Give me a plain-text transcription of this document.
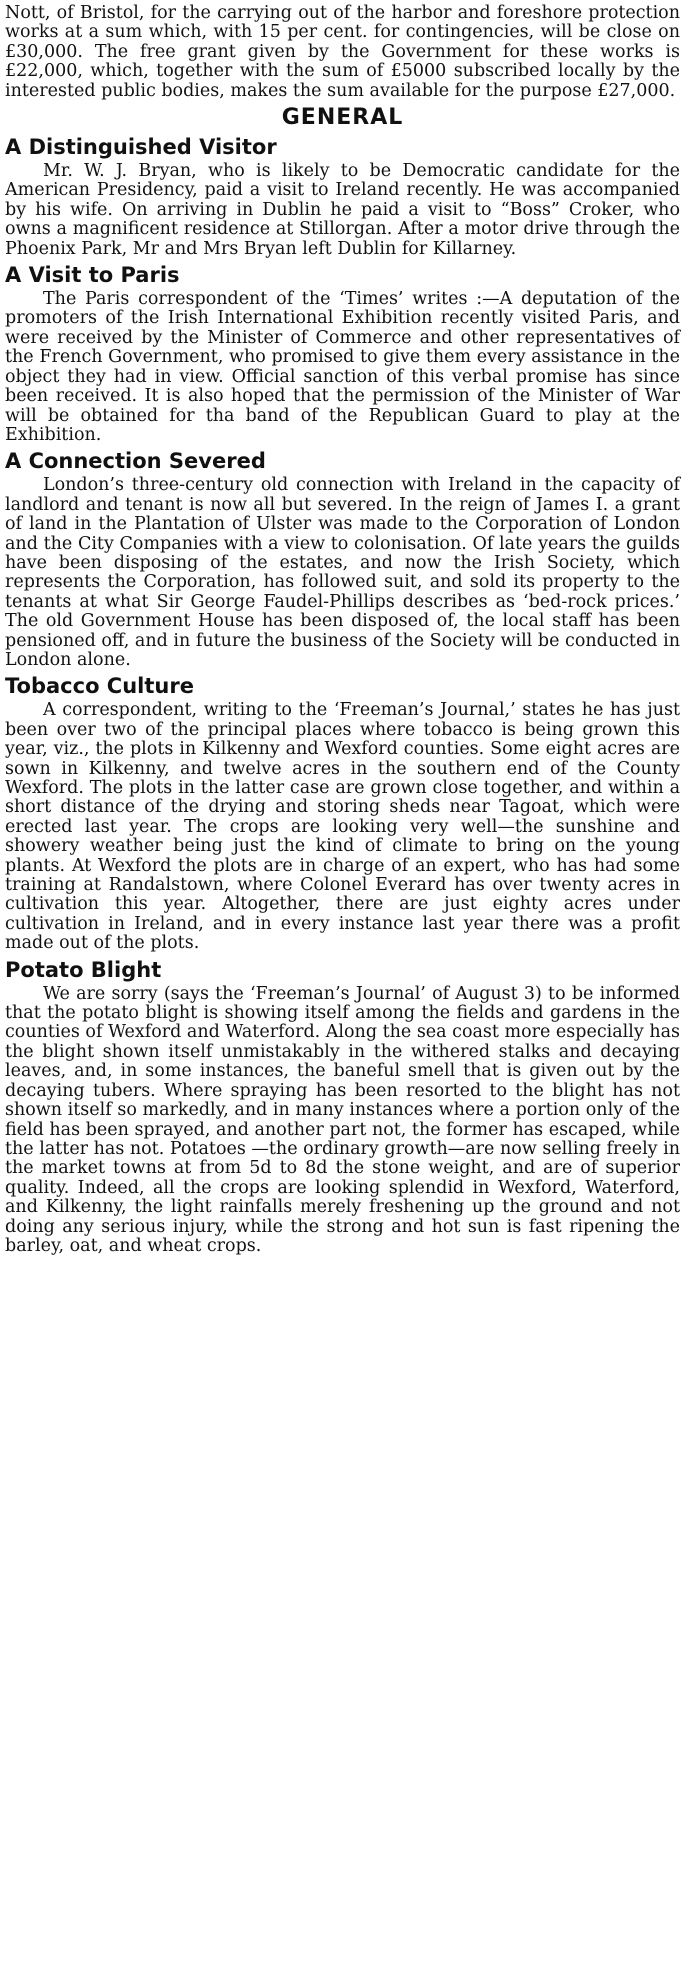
Nott, of Bristol, for the carrying out of the harbor and foreshore protection works at a sum which, with 15 per cent. for contingencies, will be close on £30,000. The free grant given by the Government for these works is £22,000, which, together with the sum of £5000 subscribed locally by the interested public bodies, makes the sum available for the purpose £27,000.

GENERAL
A Distinguished Visitor

Mr. W. J. Bryan, who is likely to be Democratic candidate for the American Presidency, paid a visit to Ireland recently. He was accompanied by his wife. On arriving in Dublin he paid a visit to “Boss” Croker, who owns a magnificent residence at Stillorgan. After a motor drive through the Phoenix Park, Mr and Mrs Bryan left Dublin for Killarney.

A Visit to Paris

The Paris correspondent of the ‘Times’ writes :—A deputation of the promoters of the Irish International Exhibition recently visited Paris, and were received by the Minister of Commerce and other representatives of the French Government, who promised to give them every assistance in the object they had in view. Official sanction of this verbal promise has since been received. It is also hoped that the permission of the Minister of War will be obtained for tha band of the Republican Guard to play at the Exhibition.

A Connection Severed

London’s three-century old connection with Ireland in the capacity of landlord and tenant is now all but severed. In the reign of James I. a grant of land in the Plantation of Ulster was made to the Corporation of London and the City Companies with a view to colonisation. Of late years the guilds have been disposing of the estates, and now the Irish Society, which represents the Corporation, has followed suit, and sold its property to the tenants at what Sir George Faudel-Phillips describes as ‘bed-rock prices.’ The old Government House has been disposed of, the local staff has been pensioned off, and in future the business of the Society will be conducted in London alone.

Tobacco Culture

A correspondent, writing to the ‘Freeman’s Journal,’ states he has just been over two of the principal places where tobacco is being grown this year, viz., the plots in Kilkenny and Wexford counties. Some eight acres are sown in Kilkenny, and twelve acres in the southern end of the County Wexford. The plots in the latter case are grown close together, and within a short distance of the drying and storing sheds near Tagoat, which were erected last year. The crops are looking very well—the sunshine and showery weather being just the kind of climate to bring on the young plants. At Wexford the plots are in charge of an expert, who has had some training at Randalstown, where Colonel Everard has over twenty acres in cultivation this year. Altogether, there are just eighty acres under cultivation in Ireland, and in every instance last year there was a profit made out of the plots.

Potato Blight

We are sorry (says the ‘Freeman’s Journal’ of August 3) to be informed that the potato blight is showing itself among the fields and gardens in the counties of Wexford and Waterford. Along the sea coast more especially has the blight shown itself unmistakably in the withered stalks and decaying leaves, and, in some instances, the baneful smell that is given out by the decaying tubers. Where spraying has been resorted to the blight has not shown itself so markedly, and in many instances where a portion only of the field has been sprayed, and another part not, the former has escaped, while the latter has not. Potatoes —the ordinary growth—are now selling freely in the market towns at from 5d to 8d the stone weight, and are of superior quality. Indeed, all the crops are looking splendid in Wexford, Waterford, and Kilkenny, the light rainfalls merely freshening up the ground and not doing any serious injury, while the strong and hot sun is fast ripening the barley, oat, and wheat crops.
